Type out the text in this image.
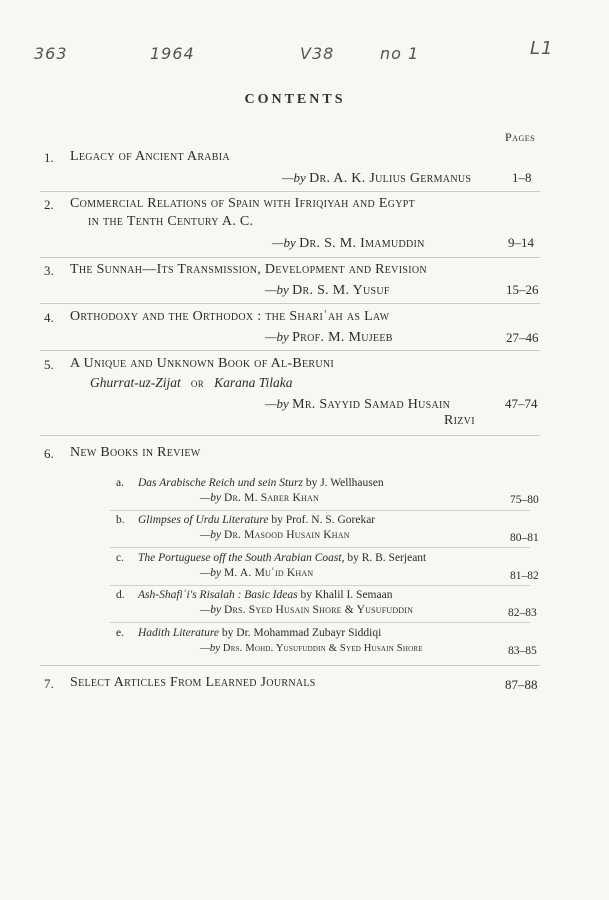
363	1964	V38	no 1	L1
CONTENTS
Pages
1. Legacy of Ancient Arabia
—by Dr. A. K. Julius Germanus	1–8
2. Commercial Relations of Spain with Ifriqiyah and Egypt
in the Tenth Century A. C.
—by Dr. S. M. Imamuddin	9–14
3. The Sunnah—Its Transmission, Development and Revision
—by Dr. S. M. Yusuf	15–26
4. Orthodoxy and the Orthodox : the Shariʿah as Law
—by Prof. M. Mujeeb	27–46
5. A Unique and Unknown Book of Al-Beruni
Ghurrat-uz-Zijat or Karana Tilaka
—by Mr. Sayyid Samad Husain
Rizvi
47–74
6. New Books in Review
a. Das Arabische Reich und sein Sturz by J. Wellhausen
—by Dr. M. Saber Khan	75–80
b. Glimpses of Urdu Literature by Prof. N. S. Gorekar
—by Dr. Masood Husain Khan	80–81
c. The Portuguese off the South Arabian Coast, by R. B. Serjeant
—by M. A. Muʿid Khan	81–82
d. Ash-Shafiʿi's Risalah : Basic Ideas by Khalil I. Semaan
—by Drs. Syed Husain Shore & Yusufuddin	82–83
e. Hadith Literature by Dr. Mohammad Zubayr Siddiqi
—by Drs. Mohd. Yusufuddin & Syed Husain Shore	83–85
7. Select Articles From Learned Journals	87–88
